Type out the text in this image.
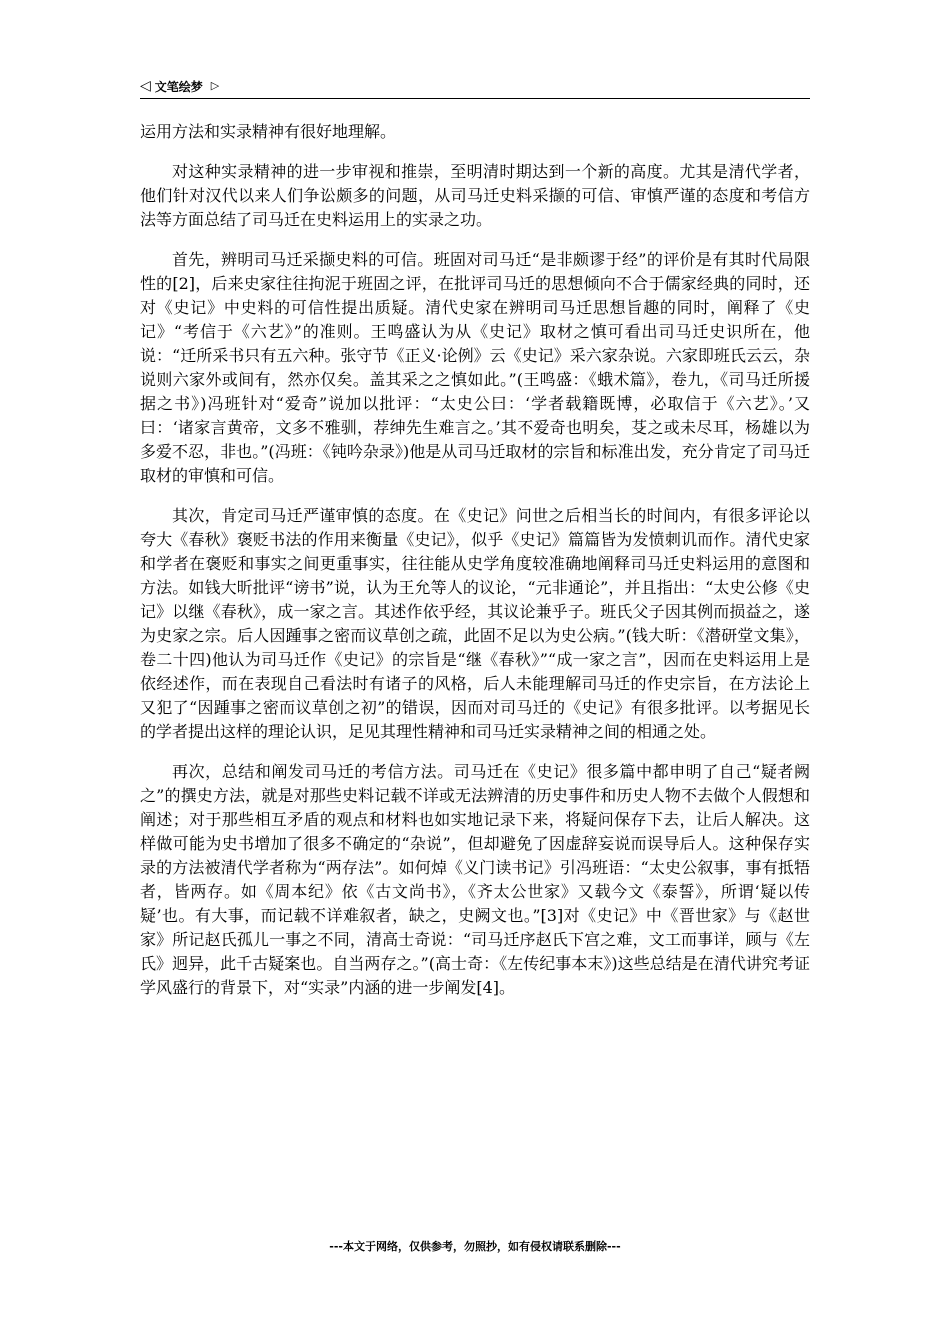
◁ 文笔绘梦 ▷

运用方法和实录精神有很好地理解。

对这种实录精神的进一步审视和推崇，至明清时期达到一个新的高度。尤其是清代学者，他们针对汉代以来人们争讼颇多的问题，从司马迁史料采撷的可信、审慎严谨的态度和考信方法等方面总结了司马迁在史料运用上的实录之功。

首先，辨明司马迁采撷史料的可信。班固对司马迁“是非颇谬于经”的评价是有其时代局限性的[2]，后来史家往往拘泥于班固之评，在批评司马迁的思想倾向不合于儒家经典的同时，还对《史记》中史料的可信性提出质疑。清代史家在辨明司马迁思想旨趣的同时，阐释了《史记》“考信于《六艺》”的准则。王鸣盛认为从《史记》取材之慎可看出司马迁史识所在，他说：“迁所采书只有五六种。张守节《正义·论例》云《史记》采六家杂说。六家即班氏云云，杂说则六家外或间有，然亦仅矣。盖其采之之慎如此。”(王鸣盛：《蛾术篇》，卷九，《司马迁所援据之书》)冯班针对“爱奇”说加以批评：“太史公曰：‘学者载籍既博，必取信于《六艺》。’又曰：‘诸家言黄帝，文多不雅驯，荐绅先生难言之。’其不爱奇也明矣，芟之或未尽耳，杨雄以为多爱不忍，非也。”(冯班：《钝吟杂录》)他是从司马迁取材的宗旨和标准出发，充分肯定了司马迁取材的审慎和可信。

其次，肯定司马迁严谨审慎的态度。在《史记》问世之后相当长的时间内，有很多评论以夸大《春秋》褒贬书法的作用来衡量《史记》，似乎《史记》篇篇皆为发愤刺讥而作。清代史家和学者在褒贬和事实之间更重事实，往往能从史学角度较准确地阐释司马迁史料运用的意图和方法。如钱大昕批评“谤书”说，认为王允等人的议论，“元非通论”，并且指出：“太史公修《史记》以继《春秋》，成一家之言。其述作依乎经，其议论兼乎子。班氏父子因其例而损益之，遂为史家之宗。后人因踵事之密而议草创之疏，此固不足以为史公病。”(钱大昕：《潜研堂文集》，卷二十四)他认为司马迁作《史记》的宗旨是“继《春秋》”“成一家之言”，因而在史料运用上是依经述作，而在表现自己看法时有诸子的风格，后人未能理解司马迁的作史宗旨，在方法论上又犯了“因踵事之密而议草创之初”的错误，因而对司马迁的《史记》有很多批评。以考据见长的学者提出这样的理论认识，足见其理性精神和司马迁实录精神之间的相通之处。

再次，总结和阐发司马迁的考信方法。司马迁在《史记》很多篇中都申明了自己“疑者阙之”的撰史方法，就是对那些史料记载不详或无法辨清的历史事件和历史人物不去做个人假想和阐述；对于那些相互矛盾的观点和材料也如实地记录下来，将疑问保存下去，让后人解决。这样做可能为史书增加了很多不确定的“杂说”，但却避免了因虚辞妄说而误导后人。这种保存实录的方法被清代学者称为“两存法”。如何焯《义门读书记》引冯班语：“太史公叙事，事有抵牾者，皆两存。如《周本纪》依《古文尚书》，《齐太公世家》又载今文《泰誓》，所谓‘疑以传疑’也。有大事，而记载不详难叙者，缺之，史阙文也。”[3]对《史记》中《晋世家》与《赵世家》所记赵氏孤儿一事之不同，清高士奇说：“司马迁序赵氏下宫之难，文工而事详，顾与《左氏》迥异，此千古疑案也。自当两存之。”(高士奇：《左传纪事本末》)这些总结是在清代讲究考证学风盛行的背景下，对“实录”内涵的进一步阐发[4]。

---本文于网络，仅供参考，勿照抄，如有侵权请联系删除---
